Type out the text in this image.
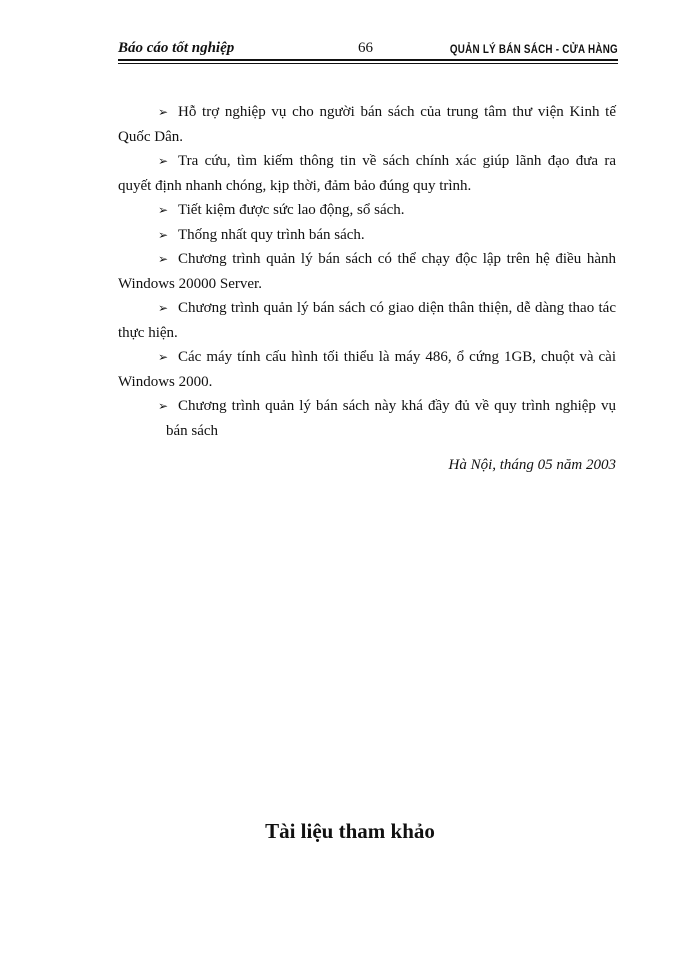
Báo cáo tốt nghiệp	66	QUẢN LÝ BÁN SÁCH - CỬA HÀNG

➢ Hỗ trợ nghiệp vụ cho người bán sách của trung tâm thư viện Kinh tế Quốc Dân.

➢ Tra cứu, tìm kiếm thông tin về sách chính xác giúp lãnh đạo đưa ra quyết định nhanh chóng, kịp thời, đảm bảo đúng quy trình.

➢ Tiết kiệm được sức lao động, sổ sách.

➢ Thống nhất quy trình bán sách.

➢ Chương trình quản lý bán sách có thể chạy độc lập trên hệ điều hành Windows 20000 Server.

➢ Chương trình quản lý bán sách có giao diện thân thiện, dễ dàng thao tác thực hiện.

➢ Các máy tính cấu hình tối thiểu là máy 486, ổ cứng 1GB, chuột và cài Windows 2000.

➢ Chương trình quản lý bán sách này khá đầy đủ về quy trình nghiệp vụ bán sách

Hà Nội, tháng 05 năm 2003
Tài liệu tham khảo
